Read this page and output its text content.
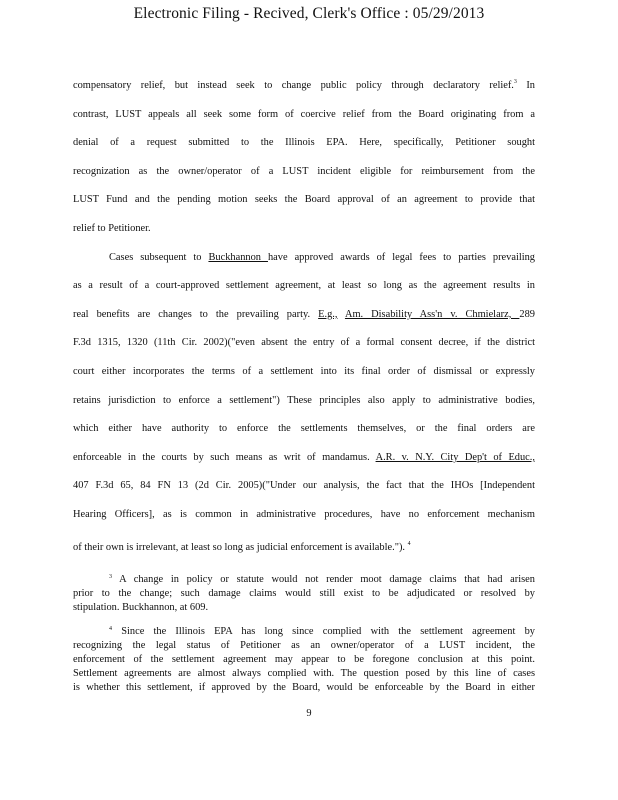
Electronic Filing - Recived, Clerk's Office : 05/29/2013
compensatory relief, but instead seek to change public policy through declaratory relief.$^3$ In
contrast, LUST appeals all seek some form of coercive relief from the Board originating from a
denial of a request submitted to the Illinois EPA. Here, specifically, Petitioner sought
recognization as the owner/operator of a LUST incident eligible for reimbursement from the
LUST Fund and the pending motion seeks the Board approval of an agreement to provide that
relief to Petitioner.
Cases subsequent to Buckhannon have approved awards of legal fees to parties prevailing
as a result of a court-approved settlement agreement, at least so long as the agreement results in
real benefits are changes to the prevailing party. E.g., Am. Disability Ass'n v. Chmielarz, 289
F.3d 1315, 1320 (11th Cir. 2002)("even absent the entry of a formal consent decree, if the district
court either incorporates the terms of a settlement into its final order of dismissal or expressly
retains jurisdiction to enforce a settlement") These principles also apply to administrative bodies,
which either have authority to enforce the settlements themselves, or the final orders are
enforceable in the courts by such means as writ of mandamus. A.R. v. N.Y. City Dep't of Educ.,
407 F.3d 65, 84 FN 13 (2d Cir. 2005)("Under our analysis, the fact that the IHOs [Independent
Hearing Officers], as is common in administrative procedures, have no enforcement mechanism
of their own is irrelevant, at least so long as judicial enforcement is available."). $^4$
$^3$ A change in policy or statute would not render moot damage claims that had arisen
prior to the change; such damage claims would still exist to be adjudicated or resolved by
stipulation. Buckhannon, at 609.
$^4$ Since the Illinois EPA has long since complied with the settlement agreement by
recognizing the legal status of Petitioner as an owner/operator of a LUST incident, the
enforcement of the settlement agreement may appear to be foregone conclusion at this point.
Settlement agreements are almost always complied with. The question posed by this line of cases
is whether this settlement, if approved by the Board, would be enforceable by the Board in either
9
